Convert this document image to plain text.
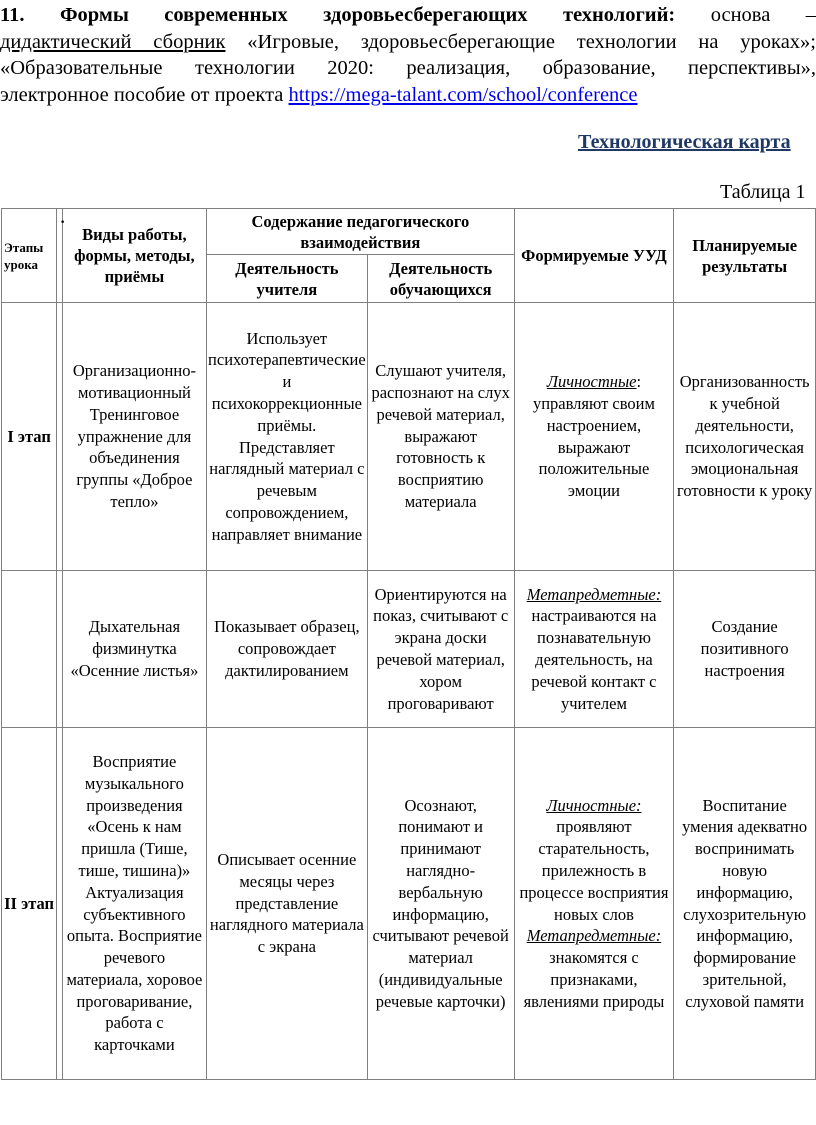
11. Формы современных здоровьесберегающих технологий: основа –
дидактический сборник «Игровые, здоровьесберегающие технологии на уроках»;
«Образовательные технологии 2020: реализация, образование, перспективы»,
электронное пособие от проекта https://mega-talant.com/school/conference
Технологическая карта
Таблица 1
Этапы урока		Виды работы, формы, методы, приёмы	Содержание педагогического взаимодействия		Формируемые УУД	Планируемые результаты
			Деятельность учителя	Деятельность обучающихся		
I этап		Организационно-мотивационный Тренинговое упражнение для объединения группы «Доброе тепло»	Использует психотерапевтические и психокоррекционные приёмы. Представляет наглядный материал с речевым сопровождением, направляет внимание	Слушают учителя, распознают на слух речевой материал, выражают готовность к восприятию материала	Личностные:
управляют своим настроением, выражают положительные эмоции	Организованность к учебной деятельности, психологическая эмоциональная готовности к уроку
		Дыхательная физминутка «Осенние листья»	Показывает образец, сопровождает дактилированием	Ориентируются на показ, считывают с экрана доски речевой материал, хором проговаривают	Метапредметные:
настраиваются на познавательную деятельность, на речевой контакт с учителем	Создание позитивного настроения
II этап		Восприятие музыкального произведения «Осень к нам пришла (Тише, тише, тишина)» Актуализация субъективного опыта. Восприятие речевого материала, хоровое проговаривание, работа с карточками	Описывает осенние месяцы через представление наглядного материала с экрана	Осознают, понимают и принимают наглядно-вербальную информацию, считывают речевой материал (индивидуальные речевые карточки)	Личностные:
проявляют старательность, прилежность в процессе восприятия новых слов
Метапредметные:
знакомятся с признаками, явлениями природы	Воспитание умения адекватно воспринимать новую информацию, слухозрительную информацию, формирование зрительной, слуховой памяти
·
